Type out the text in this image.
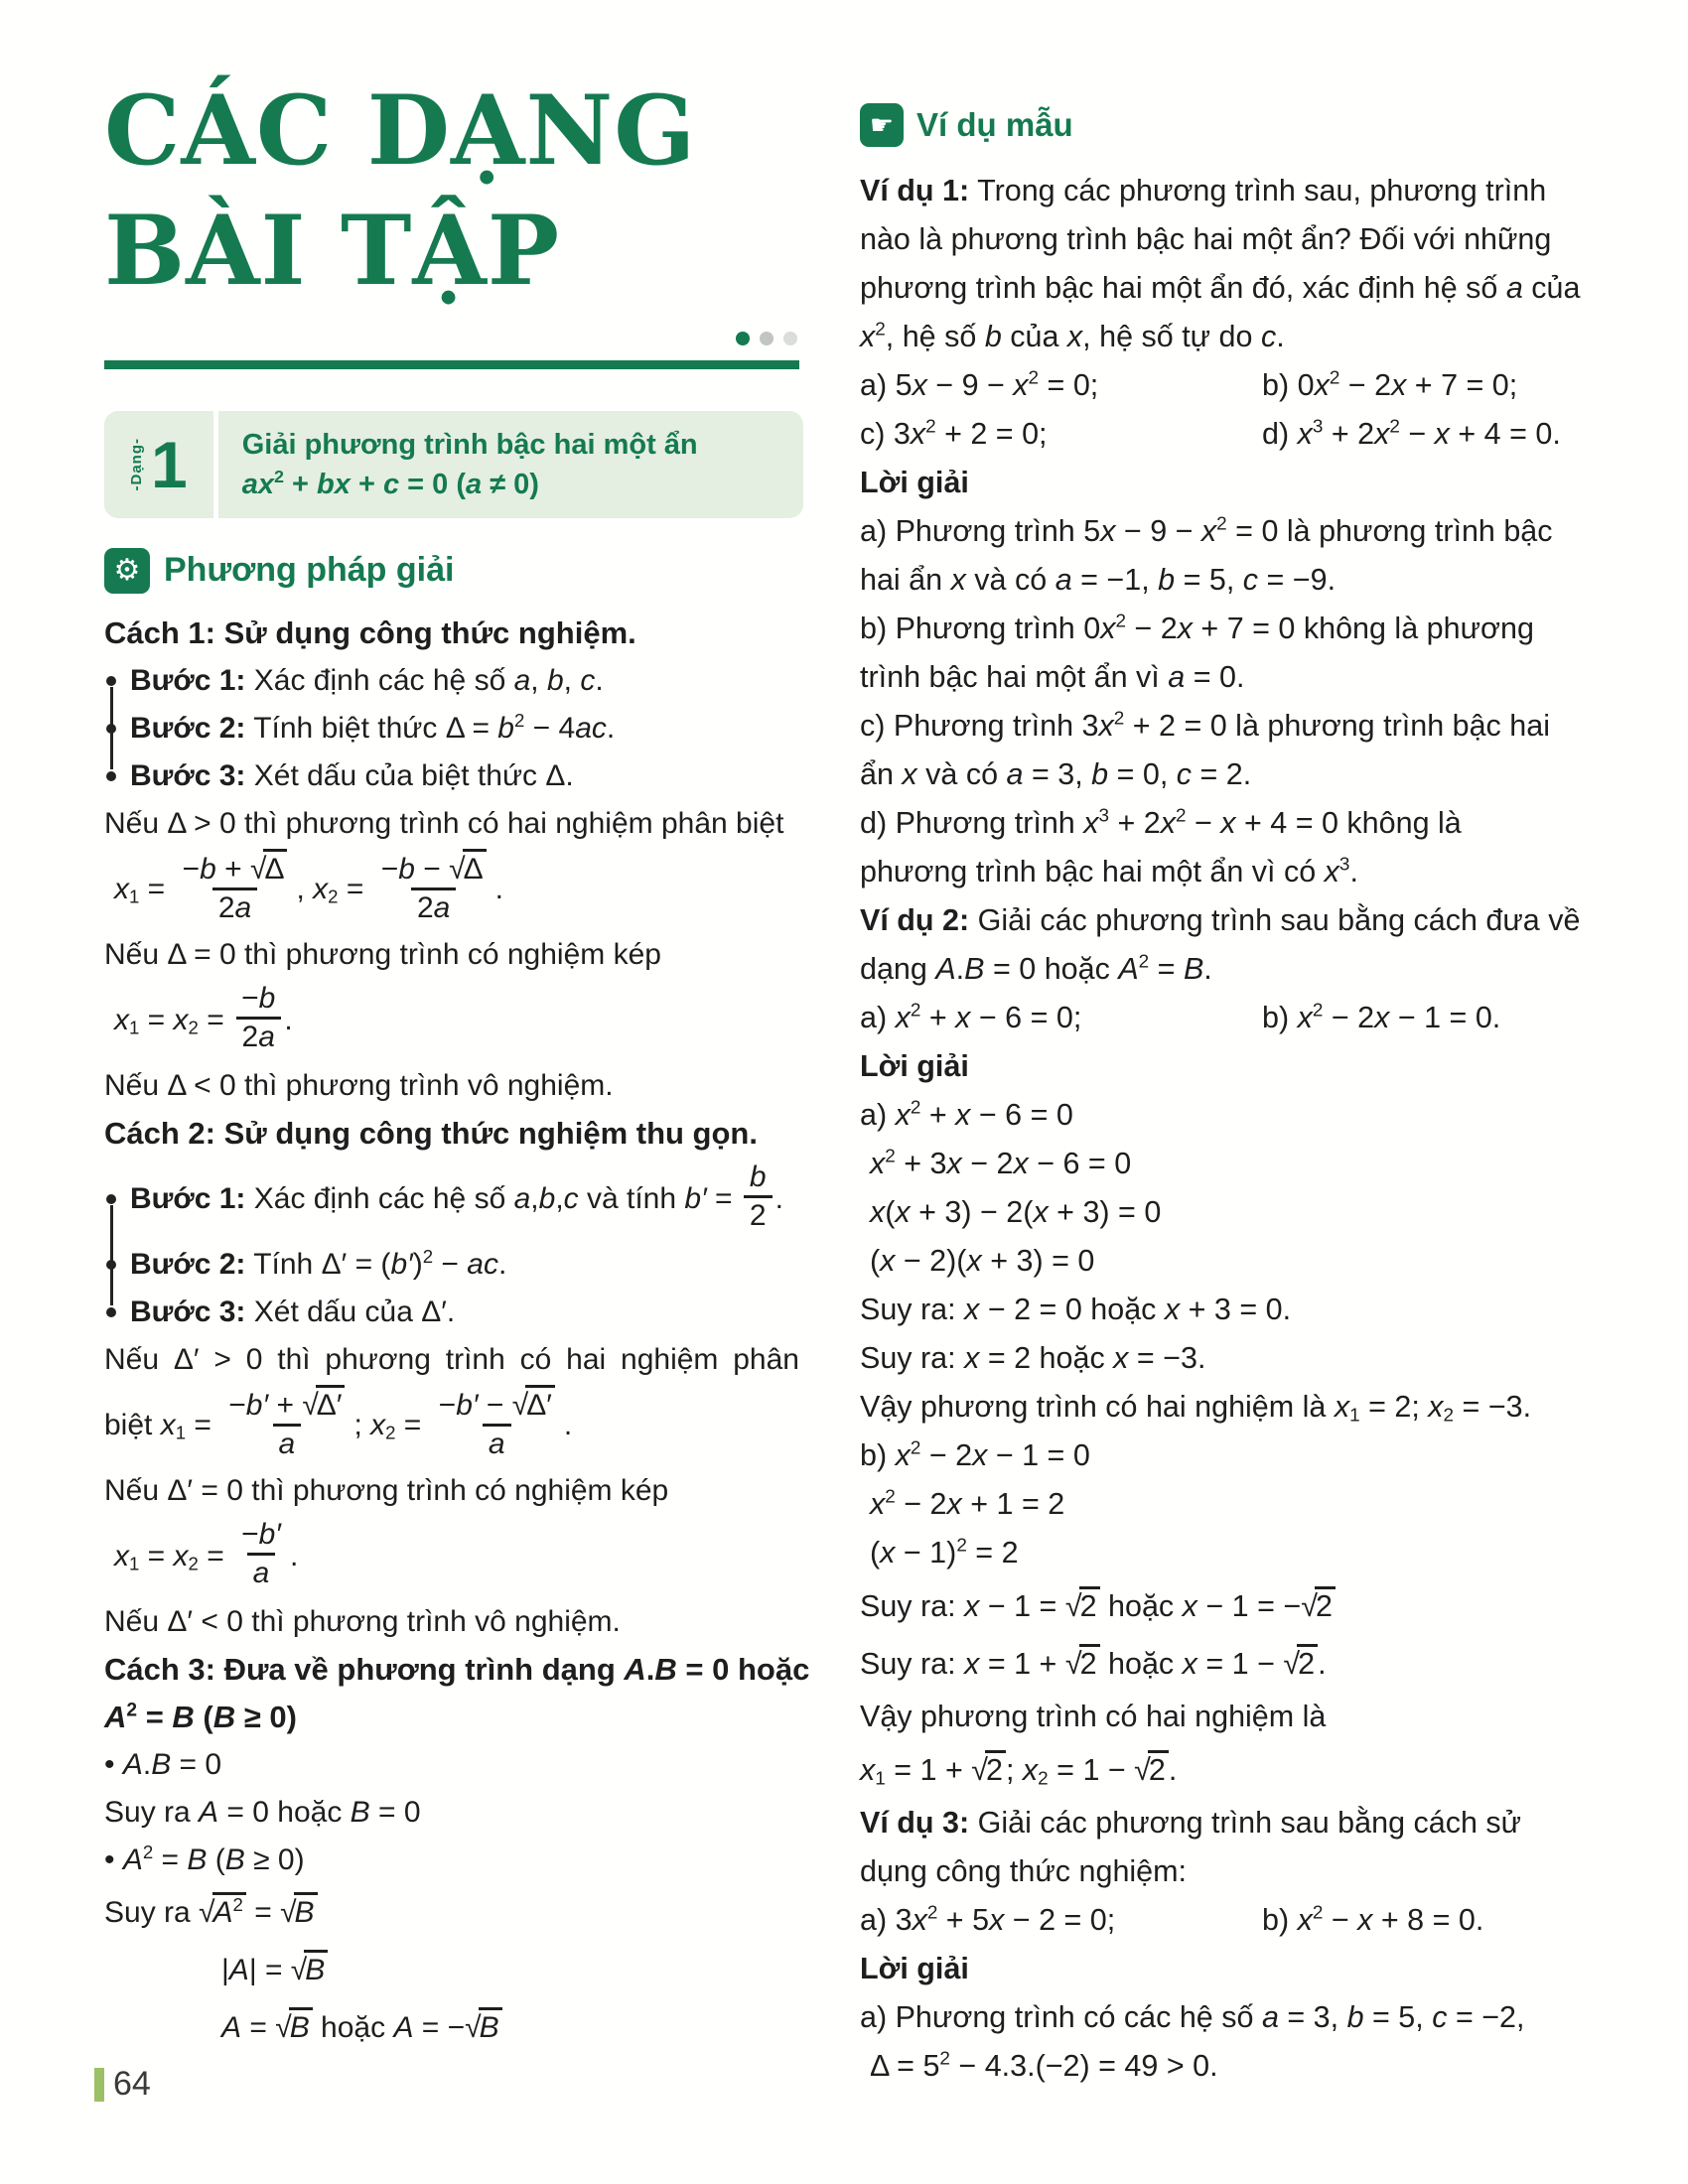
CÁC DẠNG
BÀI TẬP
-Dạng- 1 Giải phương trình bậc hai một ẩn
$ax^2$ + bx + c = 0 (a ≠ 0)
⚙ Phương pháp giải
Cách 1: Sử dụng công thức nghiệm.
Bước 1: Xác định các hệ số a, b, c.
Bước 2: Tính biệt thức $\Delta = b^2 - 4ac$.
Bước 3: Xét dấu của biệt thức Δ.
Nếu Δ > 0 thì phương trình có hai nghiệm phân biệt
$x_1 = \frac{-b + √\Delta}{2a}$ , $x_2 = \frac{-b - √\Delta}{2a}$ .
Nếu Δ = 0 thì phương trình có nghiệm kép
$x_1 = x_2 = \frac{-b}{2a}$ .
Nếu Δ < 0 thì phương trình vô nghiệm.
Cách 2: Sử dụng công thức nghiệm thu gọn.
Bước 1: Xác định các hệ số a,b,c và tính $b' = \frac{b}{2}$ .
Bước 2: Tính $\Delta' = (b')^2$ − ac.
Bước 3: Xét dấu của Δ′.
Nếu Δ′ > 0 thì phương trình có hai nghiệm phân
biệt $x_1 = \frac{-b' + √\Delta'}{a}$ ; $x_2 = \frac{-b' - √\Delta'}{a}$ .
Nếu Δ′ = 0 thì phương trình có nghiệm kép
$x_1 = x_2 = \frac{-b'}{a}$ .
Nếu Δ′ < 0 thì phương trình vô nghiệm.
Cách 3: Đưa về phương trình dạng A.B = 0 hoặc
$A^2 = B$ (B ≥ 0)
• A.B = 0
Suy ra A = 0 hoặc B = 0
• $A^2 = B$ (B ≥ 0)
Suy ra $√A^2 = √B$
|A| = √B
A = √B hoặc A = −√B
☛ Ví dụ mẫu
Ví dụ 1: Trong các phương trình sau, phương trình
nào là phương trình bậc hai một ẩn? Đối với những
phương trình bậc hai một ẩn đó, xác định hệ số a của
$x^2$, hệ số b của x, hệ số tự do c.
a) $5x - 9 - x^2 = 0$;	b) $0x^2 - 2x + 7 = 0$;
c) $3x^2 + 2 = 0$;	d) $x^3 + 2x^2 - x + 4 = 0$.
Lời giải
a) Phương trình $5x - 9 - x^2 = 0$ là phương trình bậc
hai ẩn x và có a = −1, b = 5, c = −9.
b) Phương trình $0x^2 - 2x + 7 = 0$ không là phương
trình bậc hai một ẩn vì a = 0.
c) Phương trình $3x^2 + 2 = 0$ là phương trình bậc hai
ẩn x và có a = 3, b = 0, c = 2.
d) Phương trình $x^3 + 2x^2 - x + 4 = 0$ không là
phương trình bậc hai một ẩn vì có $x^3$.
Ví dụ 2: Giải các phương trình sau bằng cách đưa về
dạng A.B = 0 hoặc $A^2 = B$.
a) $x^2 + x - 6 = 0$;	b) $x^2 - 2x - 1 = 0$.
Lời giải
a) $x^2 + x - 6 = 0$
$x^2 + 3x - 2x - 6 = 0$
x(x + 3) − 2(x + 3) = 0
(x − 2)(x + 3) = 0
Suy ra: x − 2 = 0 hoặc x + 3 = 0.
Suy ra: x = 2 hoặc x = −3.
Vậy phương trình có hai nghiệm là $x_1 = 2$; $x_2 = -3$.
b) $x^2 - 2x - 1 = 0$
$x^2 - 2x + 1 = 2$
$(x - 1)^2 = 2$
Suy ra: x − 1 = √2 hoặc x − 1 = −√2
Suy ra: x = 1 + √2 hoặc x = 1 − √2.
Vậy phương trình có hai nghiệm là
$x_1 = 1 + √2$; $x_2 = 1 - √2$.
Ví dụ 3: Giải các phương trình sau bằng cách sử
dụng công thức nghiệm:
a) $3x^2 + 5x - 2 = 0$;	b) $x^2 - x + 8 = 0$.
Lời giải
a) Phương trình có các hệ số a = 3, b = 5, c = −2,
$\Delta = 5^2 - 4.3.(-2) = 49 > 0$.
64
